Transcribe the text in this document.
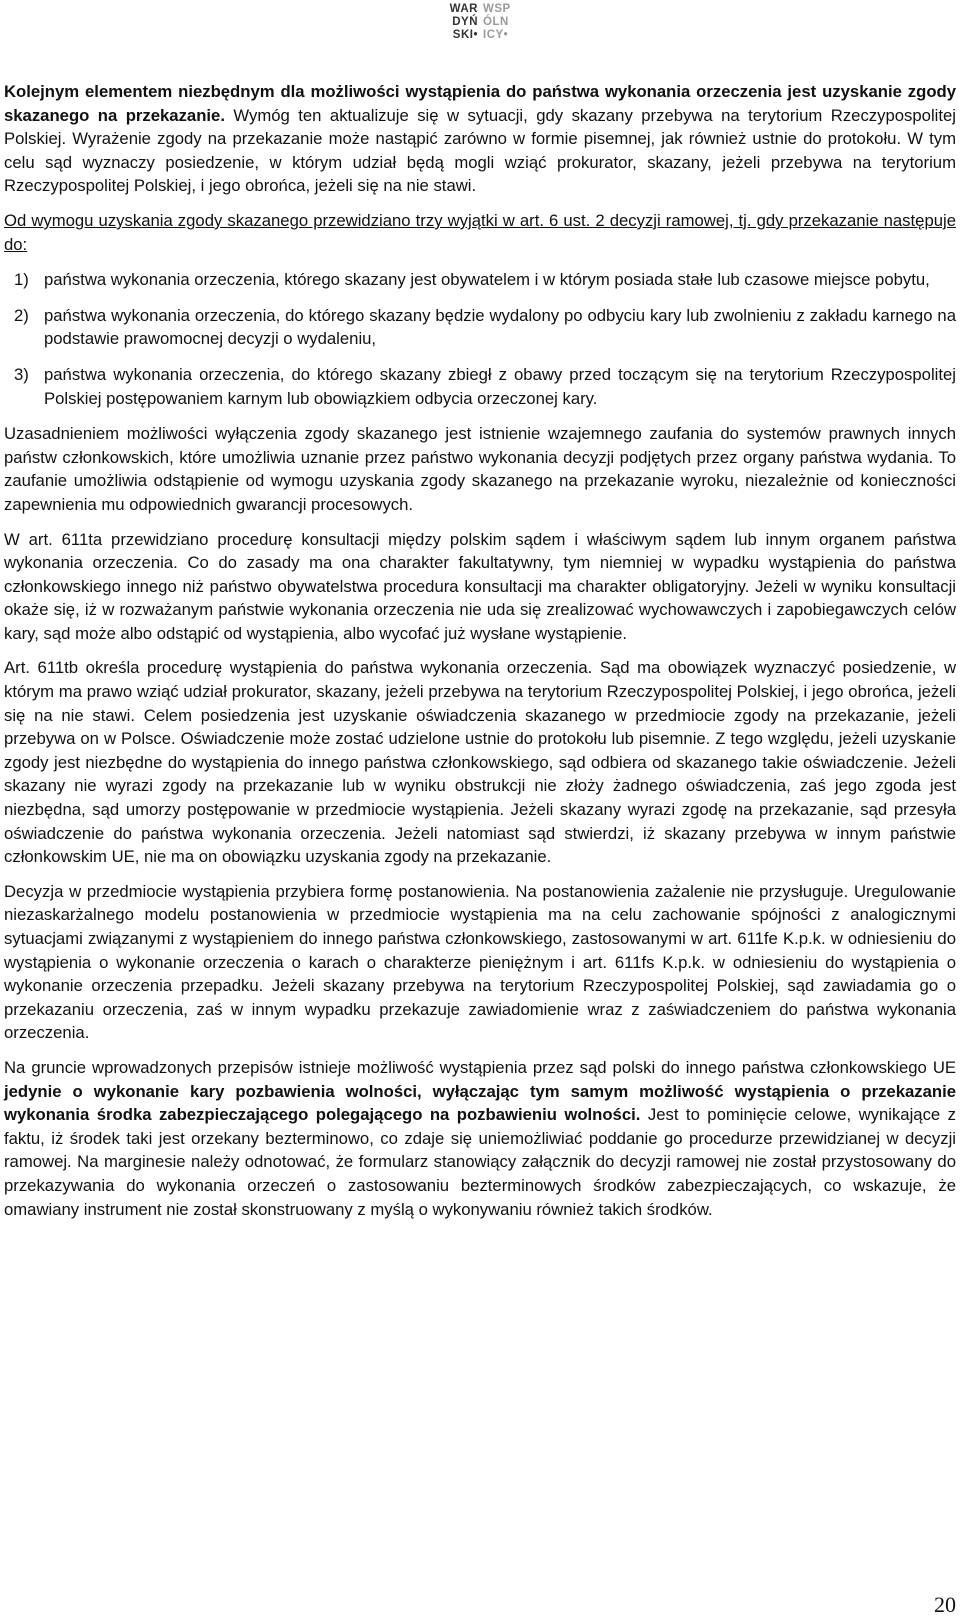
WAR WSP
DYŃ ÓLN
SKI• ICY•

Kolejnym elementem niezbędnym dla możliwości wystąpienia do państwa wykonania orzeczenia jest uzyskanie zgody skazanego na przekazanie. Wymóg ten aktualizuje się w sytuacji, gdy skazany przebywa na terytorium Rzeczypospolitej Polskiej. Wyrażenie zgody na przekazanie może nastąpić zarówno w formie pisemnej, jak również ustnie do protokołu. W tym celu sąd wyznaczy posiedzenie, w którym udział będą mogli wziąć prokurator, skazany, jeżeli przebywa na terytorium Rzeczypospolitej Polskiej, i jego obrońca, jeżeli się na nie stawi.

Od wymogu uzyskania zgody skazanego przewidziano trzy wyjątki w art. 6 ust. 2 decyzji ramowej, tj. gdy przekazanie następuje do:

1) państwa wykonania orzeczenia, którego skazany jest obywatelem i w którym posiada stałe lub czasowe miejsce pobytu,
2) państwa wykonania orzeczenia, do którego skazany będzie wydalony po odbyciu kary lub zwolnieniu z zakładu karnego na podstawie prawomocnej decyzji o wydaleniu,
3) państwa wykonania orzeczenia, do którego skazany zbiegł z obawy przed toczącym się na terytorium Rzeczypospolitej Polskiej postępowaniem karnym lub obowiązkiem odbycia orzeczonej kary.

Uzasadnieniem możliwości wyłączenia zgody skazanego jest istnienie wzajemnego zaufania do systemów prawnych innych państw członkowskich, które umożliwia uznanie przez państwo wykonania decyzji podjętych przez organy państwa wydania. To zaufanie umożliwia odstąpienie od wymogu uzyskania zgody skazanego na przekazanie wyroku, niezależnie od konieczności zapewnienia mu odpowiednich gwarancji procesowych.

W art. 611ta przewidziano procedurę konsultacji między polskim sądem i właściwym sądem lub innym organem państwa wykonania orzeczenia. Co do zasady ma ona charakter fakultatywny, tym niemniej w wypadku wystąpienia do państwa członkowskiego innego niż państwo obywatelstwa procedura konsultacji ma charakter obligatoryjny. Jeżeli w wyniku konsultacji okaże się, iż w rozważanym państwie wykonania orzeczenia nie uda się zrealizować wychowawczych i zapobiegawczych celów kary, sąd może albo odstąpić od wystąpienia, albo wycofać już wysłane wystąpienie.

Art. 611tb określa procedurę wystąpienia do państwa wykonania orzeczenia. Sąd ma obowiązek wyznaczyć posiedzenie, w którym ma prawo wziąć udział prokurator, skazany, jeżeli przebywa na terytorium Rzeczypospolitej Polskiej, i jego obrońca, jeżeli się na nie stawi. Celem posiedzenia jest uzyskanie oświadczenia skazanego w przedmiocie zgody na przekazanie, jeżeli przebywa on w Polsce. Oświadczenie może zostać udzielone ustnie do protokołu lub pisemnie. Z tego względu, jeżeli uzyskanie zgody jest niezbędne do wystąpienia do innego państwa członkowskiego, sąd odbiera od skazanego takie oświadczenie. Jeżeli skazany nie wyrazi zgody na przekazanie lub w wyniku obstrukcji nie złoży żadnego oświadczenia, zaś jego zgoda jest niezbędna, sąd umorzy postępowanie w przedmiocie wystąpienia. Jeżeli skazany wyrazi zgodę na przekazanie, sąd przesyła oświadczenie do państwa wykonania orzeczenia. Jeżeli natomiast sąd stwierdzi, iż skazany przebywa w innym państwie członkowskim UE, nie ma on obowiązku uzyskania zgody na przekazanie.

Decyzja w przedmiocie wystąpienia przybiera formę postanowienia. Na postanowienia zażalenie nie przysługuje. Uregulowanie niezaskarżalnego modelu postanowienia w przedmiocie wystąpienia ma na celu zachowanie spójności z analogicznymi sytuacjami związanymi z wystąpieniem do innego państwa członkowskiego, zastosowanymi w art. 611fe K.p.k. w odniesieniu do wystąpienia o wykonanie orzeczenia o karach o charakterze pieniężnym i art. 611fs K.p.k. w odniesieniu do wystąpienia o wykonanie orzeczenia przepadku. Jeżeli skazany przebywa na terytorium Rzeczypospolitej Polskiej, sąd zawiadamia go o przekazaniu orzeczenia, zaś w innym wypadku przekazuje zawiadomienie wraz z zaświadczeniem do państwa wykonania orzeczenia.

Na gruncie wprowadzonych przepisów istnieje możliwość wystąpienia przez sąd polski do innego państwa członkowskiego UE jedynie o wykonanie kary pozbawienia wolności, wyłączając tym samym możliwość wystąpienia o przekazanie wykonania środka zabezpieczającego polegającego na pozbawieniu wolności. Jest to pominięcie celowe, wynikające z faktu, iż środek taki jest orzekany bezterminowo, co zdaje się uniemożliwiać poddanie go procedurze przewidzianej w decyzji ramowej. Na marginesie należy odnotować, że formularz stanowiący załącznik do decyzji ramowej nie został przystosowany do przekazywania do wykonania orzeczeń o zastosowaniu bezterminowych środków zabezpieczających, co wskazuje, że omawiany instrument nie został skonstruowany z myślą o wykonywaniu również takich środków.

20
